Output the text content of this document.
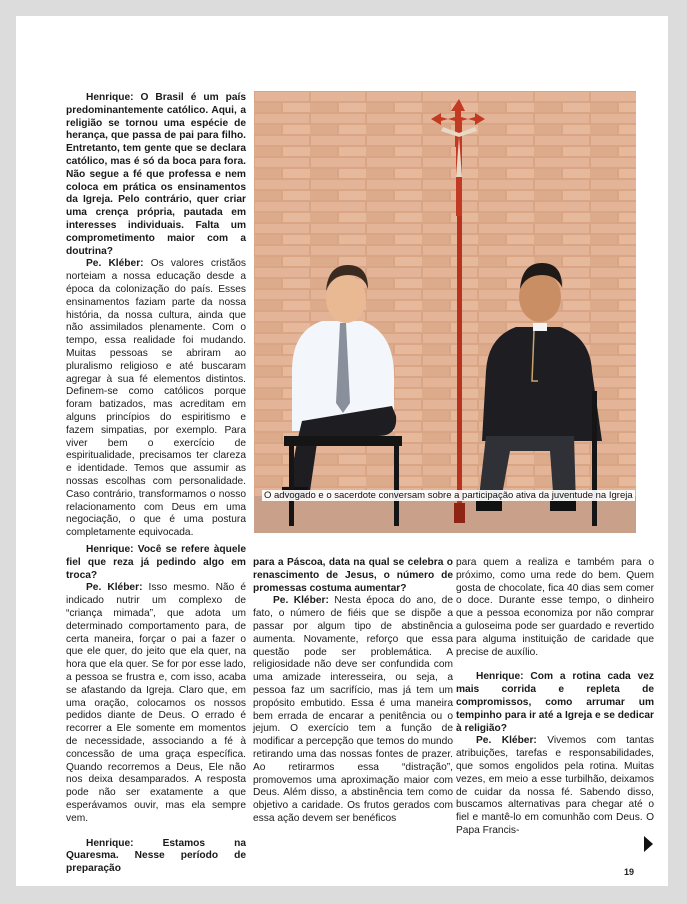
Henrique: O Brasil é um país predominantemente católico. Aqui, a religião se tornou uma espécie de herança, que passa de pai para filho. Entretanto, tem gente que se declara católico, mas é só da boca para fora. Não segue a fé que professa e nem coloca em prática os ensinamentos da Igreja. Pelo contrário, quer criar uma crença própria, pautada em interesses individuais. Falta um comprometimento maior com a doutrina?

Pe. Kléber: Os valores cristãos norteiam a nossa educação desde a época da colonização do país. Esses ensinamentos faziam parte da nossa história, da nossa cultura, ainda que não assimilados plenamente. Com o tempo, essa realidade foi mudando. Muitas pessoas se abriram ao pluralismo religioso e até buscaram agregar à sua fé elementos distintos. Definem-se como católicos porque foram batizados, mas acreditam em alguns princípios do espiritismo e fazem simpatias, por exemplo. Para viver bem o exercício de espiritualidade, precisamos ter clareza e identidade. Temos que assumir as nossas escolhas com personalidade. Caso contrário, transformamos o nosso relacionamento com Deus em uma negociação, o que é uma postura completamente equivocada.

Henrique: Você se refere àquele fiel que reza já pedindo algo em troca?

Pe. Kléber: Isso mesmo. Não é indicado nutrir um complexo de “criança mimada”, que adota um determinado comportamento para, de certa maneira, forçar o pai a fazer o que ele quer, do jeito que ela quer, na hora que ela quer. Se for por esse lado, a pessoa se frustra e, com isso, acaba se afastando da Igreja. Claro que, em uma oração, colocamos os nossos pedidos diante de Deus. O errado é recorrer a Ele somente em momentos de necessidade, associando a fé à concessão de uma graça específica. Quando recorremos a Deus, Ele não nos deixa desamparados. A resposta pode não ser exatamente a que esperávamos ouvir, mas ela sempre vem.

Henrique: Estamos na Quaresma. Nesse período de preparação

O advogado e o sacerdote conversam sobre a participação ativa da juventude na Igreja

para a Páscoa, data na qual se celebra o renascimento de Jesus, o número de promessas costuma aumentar?

Pe. Kléber: Nesta época do ano, de fato, o número de fiéis que se dispõe a passar por algum tipo de abstinência aumenta. Novamente, reforço que essa questão pode ser problemática. A religiosidade não deve ser confundida com uma amizade interesseira, ou seja, a pessoa faz um sacrifício, mas já tem um propósito embutido. Essa é uma maneira bem errada de encarar a penitência ou o jejum. O exercício tem a função de modificar a percepção que temos do mundo retirando uma das nossas fontes de prazer. Ao retirarmos essa “distração”, promovemos uma aproximação maior com Deus. Além disso, a abstinência tem como objetivo a caridade. Os frutos gerados com essa ação devem ser benéficos

para quem a realiza e também para o próximo, como uma rede do bem. Quem gosta de chocolate, fica 40 dias sem comer o doce. Durante esse tempo, o dinheiro que a pessoa economiza por não comprar a guloseima pode ser guardado e revertido para alguma instituição de caridade que precise de auxílio.

Henrique: Com a rotina cada vez mais corrida e repleta de compromissos, como arrumar um tempinho para ir até a Igreja e se dedicar à religião?

Pe. Kléber: Vivemos com tantas atribuições, tarefas e responsabilidades, que somos engolidos pela rotina. Muitas vezes, em meio a esse turbilhão, deixamos de cuidar da nossa fé. Sabendo disso, buscamos alternativas para chegar até o fiel e mantê-lo em comunhão com Deus. O Papa Francis-

19
